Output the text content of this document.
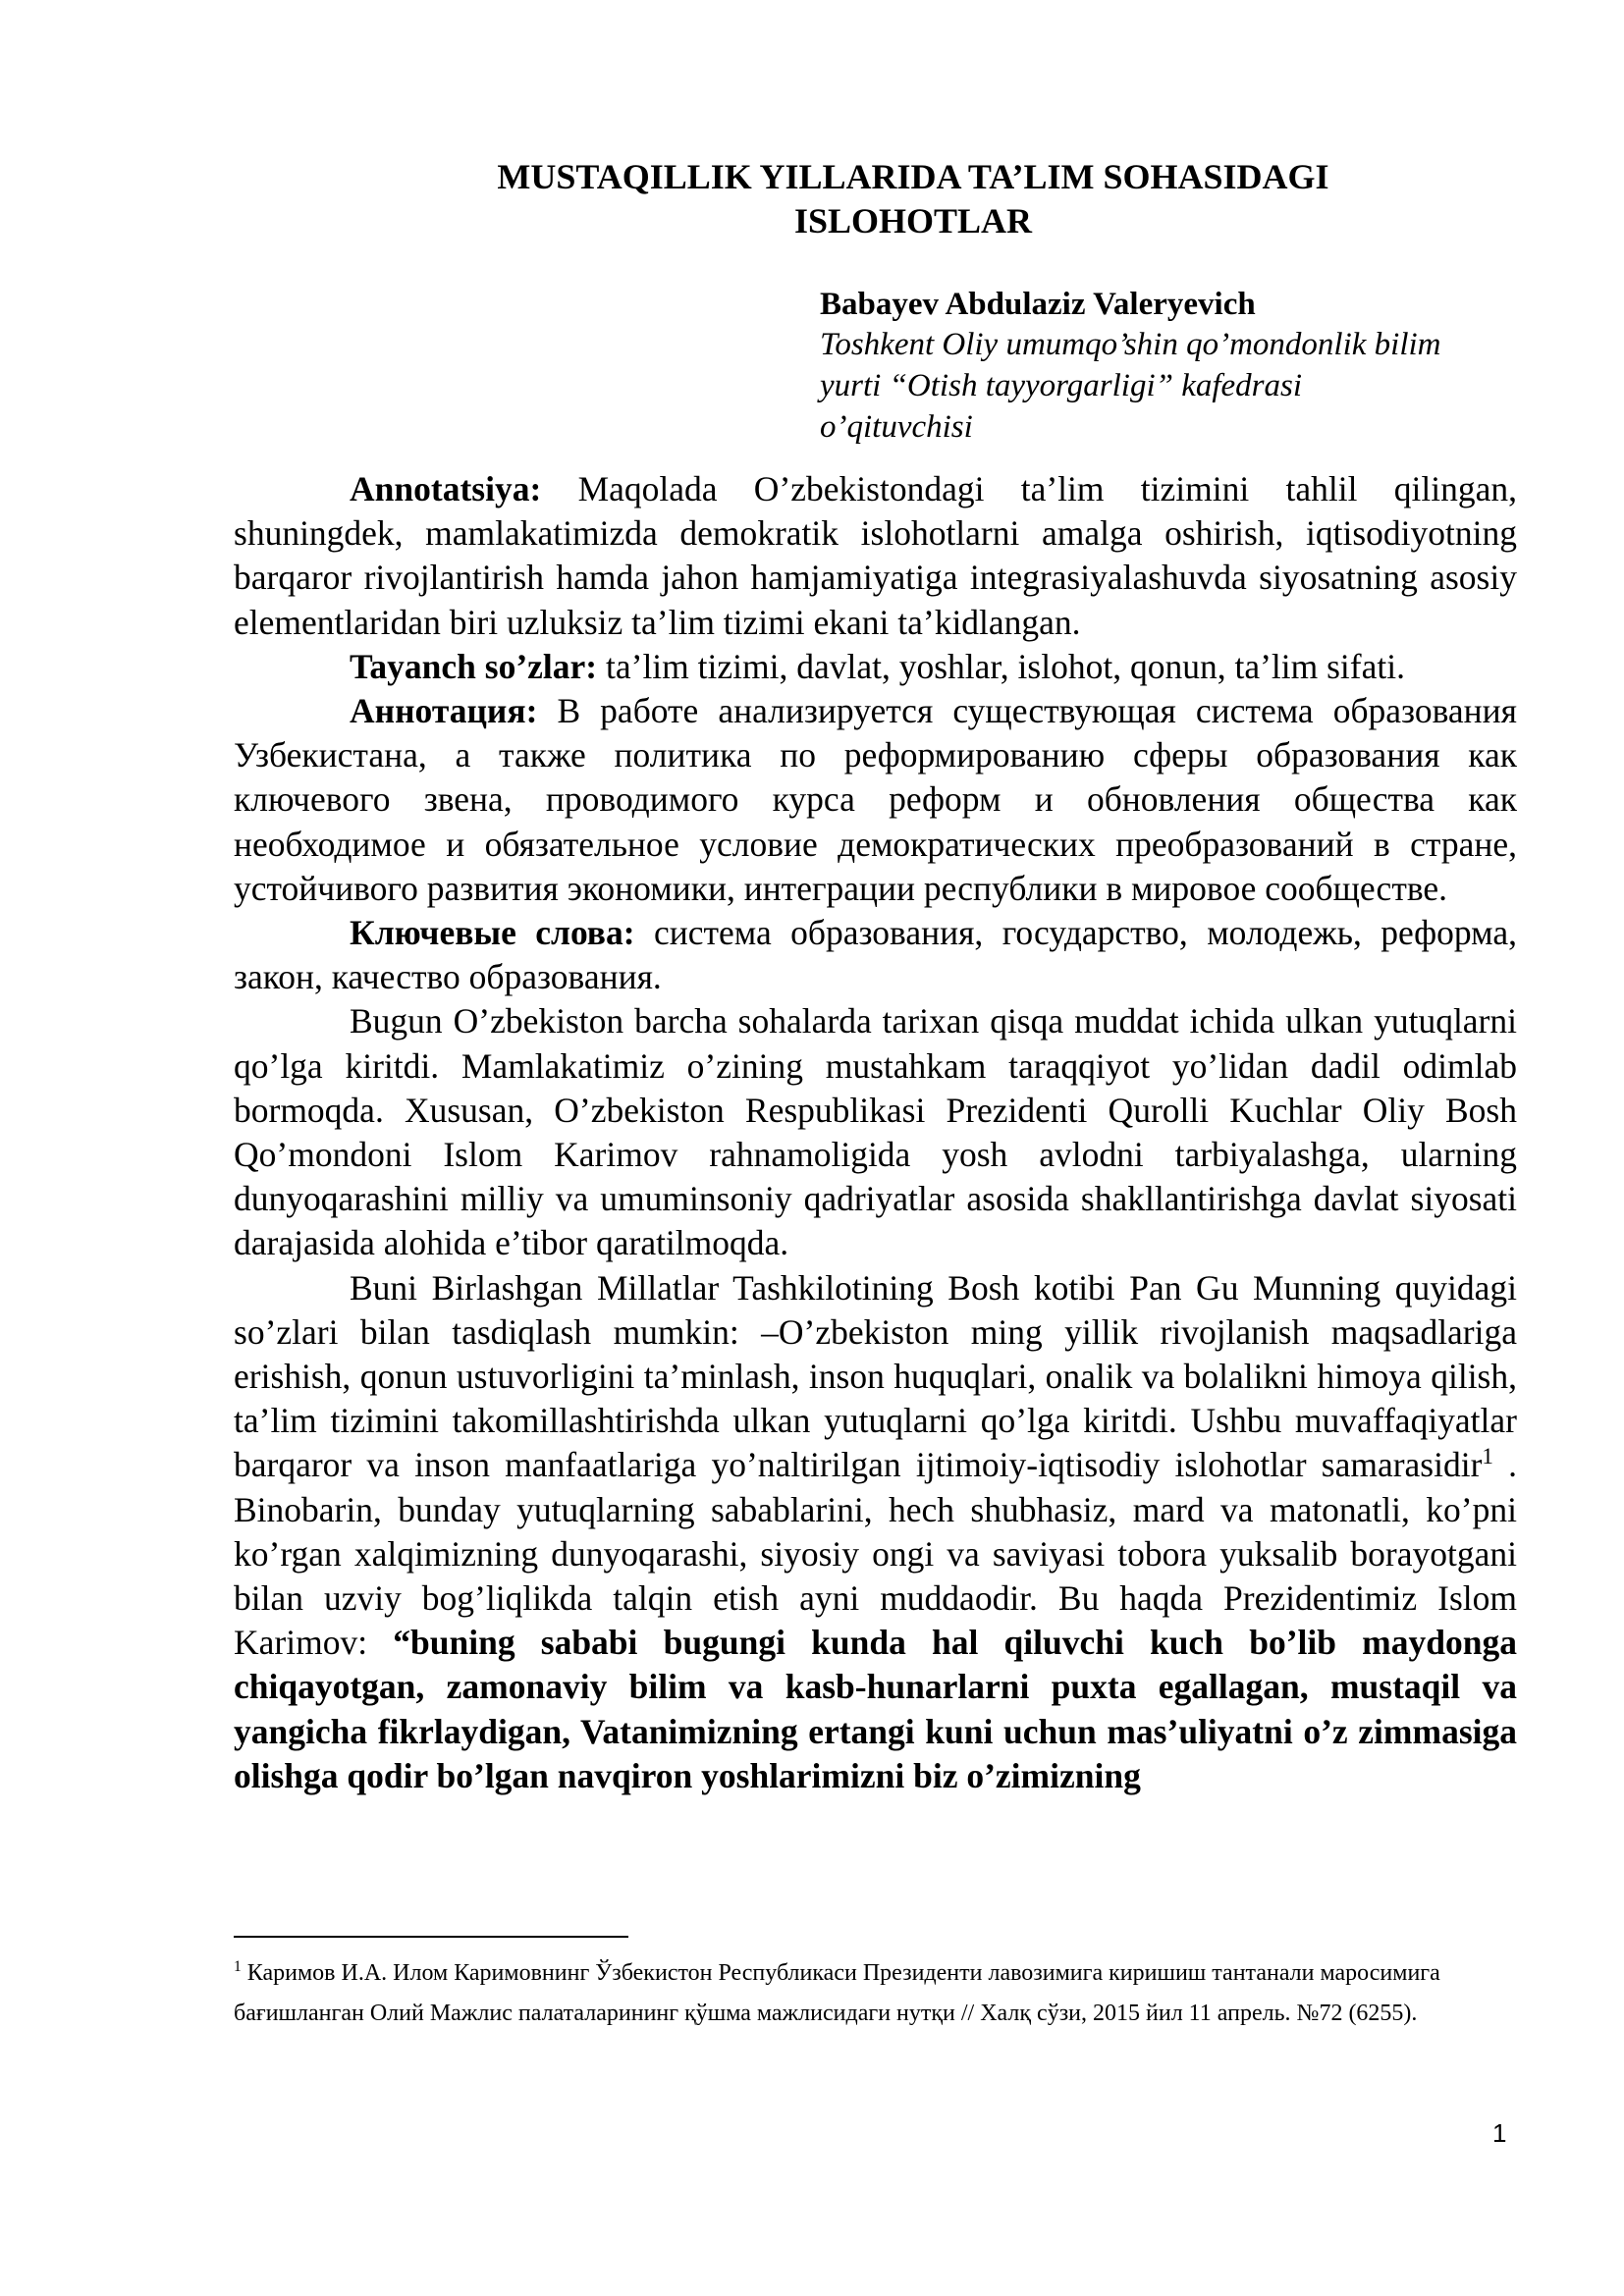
MUSTAQILLIK YILLARIDA TA’LIM SOHASIDAGI
ISLOHOTLAR

Babayev Abdulaziz Valeryevich

Toshkent Oliy umumqo’shin qo’mondonlik bilim
yurti “Otish tayyorgarligi” kafedrasi
o’qituvchisi

Annotatsiya: Maqolada O’zbekistondagi ta’lim tizimini tahlil qilingan, shuningdek, mamlakatimizda demokratik islohotlarni amalga oshirish, iqtisodiyotning barqaror rivojlantirish hamda jahon hamjamiyatiga integrasiyalashuvda siyosatning asosiy elementlaridan biri uzluksiz ta’lim tizimi ekani ta’kidlangan.

Tayanch so’zlar: ta’lim tizimi, davlat, yoshlar, islohot, qonun, ta’lim sifati.

Аннотация: В работе анализируется существующая система образования Узбекистана, а также политика по реформированию сферы образования как ключевого звена, проводимого курса реформ и обновления общества как необходимое и обязательное условие демократических преобразований в стране, устойчивого развития экономики, интеграции республики в мировое сообществе.

Ключевые слова: система образования, государство, молодежь, реформа, закон, качество образования.

Bugun O’zbekiston barcha sohalarda tarixan qisqa muddat ichida ulkan yutuqlarni qo’lga kiritdi. Mamlakatimiz o’zining mustahkam taraqqiyot yo’lidan dadil odimlab bormoqda. Xususan, O’zbekiston Respublikasi Prezidenti Qurolli Kuchlar Oliy Bosh Qo’mondoni Islom Karimov rahnamoligida yosh avlodni tarbiyalashga, ularning dunyoqarashini milliy va umuminsoniy qadriyatlar asosida shakllantirishga davlat siyosati darajasida alohida e’tibor qaratilmoqda.

Buni Birlashgan Millatlar Tashkilotining Bosh kotibi Pan Gu Munning quyidagi so’zlari bilan tasdiqlash mumkin: –O’zbekiston ming yillik rivojlanish maqsadlariga erishish, qonun ustuvorligini ta’minlash, inson huquqlari, onalik va bolalikni himoya qilish, ta’lim tizimini takomillashtirishda ulkan yutuqlarni qo’lga kiritdi. Ushbu muvaffaqiyatlar barqaror va inson manfaatlariga yo’naltirilgan ijtimoiy-iqtisodiy islohotlar samarasidir$^1$ . Binobarin, bunday yutuqlarning sabablarini, hech shubhasiz, mard va matonatli, ko’pni ko’rgan xalqimizning dunyoqarashi, siyosiy ongi va saviyasi tobora yuksalib borayotgani bilan uzviy bog’liqlikda talqin etish ayni muddaodir. Bu haqda Prezidentimiz Islom Karimov: “buning sababi bugungi kunda hal qiluvchi kuch bo’lib maydonga chiqayotgan, zamonaviy bilim va kasb-hunarlarni puxta egallagan, mustaqil va yangicha fikrlaydigan, Vatanimizning ertangi kuni uchun mas’uliyatni o’z zimmasiga olishga qodir bo’lgan navqiron yoshlarimizni biz o’zimizning

$^1$ Каримов И.А. Илом Каримовнинг Ўзбекистон Республикаси Президенти лавозимига киришиш тантанали маросимига бағишланган Олий Мажлис палаталарининг қўшма мажлисидаги нутқи // Халқ сўзи, 2015 йил 11 апрель. №72 (6255).

1
